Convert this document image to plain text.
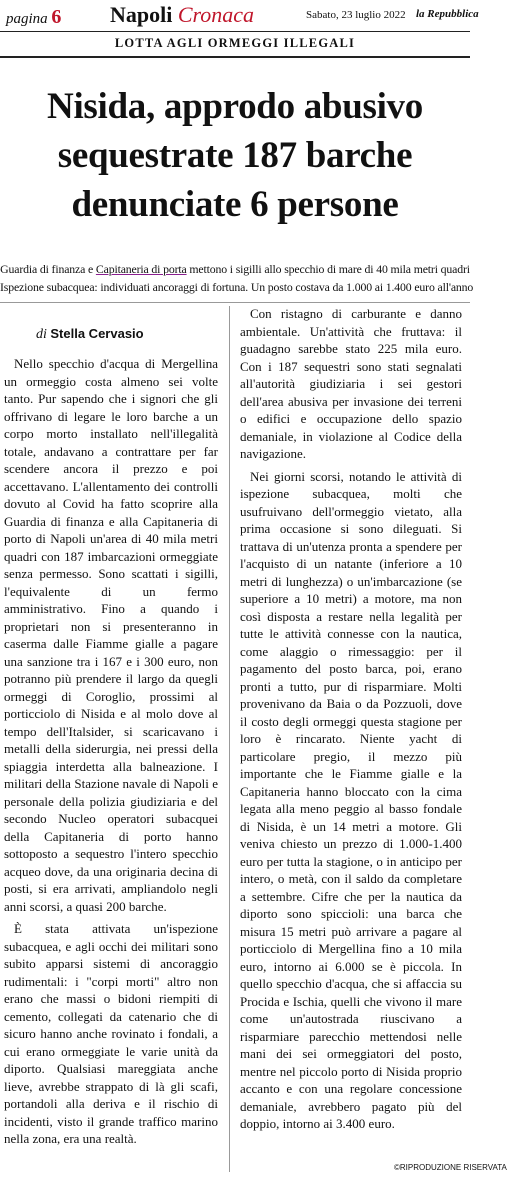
pagina 6 Napoli Cronaca	Sabato, 23 luglio 2022 la Repubblica
LOTTA AGLI ORMEGGI ILLEGALI
Nisida, approdo abusivo
sequestrate 187 barche
denunciate 6 persone
Guardia di finanza e Capitaneria di porta mettono i sigilli allo specchio di mare di 40 mila metri quadri
Ispezione subacquea: individuati ancoraggi di fortuna. Un posto costava da 1.000 ai 1.400 euro all'anno
di Stella Cervasio

Nello specchio d'acqua di Mergellina un ormeggio costa almeno sei volte tanto. Pur sapendo che i signori che gli offrivano di legare le loro barche a un corpo morto installato nell'illegalità totale, andavano a contrattare per far scendere ancora il prezzo e poi accettavano. L'allentamento dei controlli dovuto al Covid ha fatto scoprire alla Guardia di finanza e alla Capitaneria di porto di Napoli un'area di 40 mila metri quadri con 187 imbarcazioni ormeggiate senza permesso. Sono scattati i sigilli, l'equivalente di un fermo amministrativo. Fino a quando i proprietari non si presenteranno in caserma dalle Fiamme gialle a pagare una sanzione tra i 167 e i 300 euro, non potranno più prendere il largo da quegli ormeggi di Coroglio, prossimi al porticciolo di Nisida e al molo dove al tempo dell'Italsider, si scaricavano i metalli della siderurgia, nei pressi della spiaggia interdetta alla balneazione. I militari della Stazione navale di Napoli e personale della polizia giudiziaria e del secondo Nucleo operatori subacquei della Capitaneria di porto hanno sottoposto a sequestro l'intero specchio acqueo dove, da una originaria decina di posti, si era arrivati, ampliandolo negli anni scorsi, a quasi 200 barche.

È stata attivata un'ispezione subacquea, e agli occhi dei militari sono subito apparsi sistemi di ancoraggio rudimentali: i "corpi morti" altro non erano che massi o bidoni riempiti di cemento, collegati da catenario che di sicuro hanno anche rovinato i fondali, a cui erano ormeggiate le varie unità da diporto. Qualsiasi mareggiata anche lieve, avrebbe strappato di là gli scafi, portandoli alla deriva e il rischio di incidenti, visto il grande traffico marino nella zona, era una realtà.

Con ristagno di carburante e danno ambientale. Un'attività che fruttava: il guadagno sarebbe stato 225 mila euro. Con i 187 sequestri sono stati segnalati all'autorità giudiziaria i sei gestori dell'area abusiva per invasione dei terreni o edifici e occupazione dello spazio demaniale, in violazione al Codice della navigazione.

Nei giorni scorsi, notando le attività di ispezione subacquea, molti che usufruivano dell'ormeggio vietato, alla prima occasione si sono dileguati. Si trattava di un'utenza pronta a spendere per l'acquisto di un natante (inferiore a 10 metri di lunghezza) o un'imbarcazione (se superiore a 10 metri) a motore, ma non così disposta a restare nella legalità per tutte le attività connesse con la nautica, come alaggio o rimessaggio: per il pagamento del posto barca, poi, erano pronti a tutto, pur di risparmiare. Molti provenivano da Baia o da Pozzuoli, dove il costo degli ormeggi questa stagione per loro è rincarato. Niente yacht di particolare pregio, il mezzo più importante che le Fiamme gialle e la Capitaneria hanno bloccato con la cima legata alla meno peggio al basso fondale di Nisida, è un 14 metri a motore. Gli veniva chiesto un prezzo di 1.000-1.400 euro per tutta la stagione, o in anticipo per intero, o metà, con il saldo da completare a settembre. Cifre che per la nautica da diporto sono spiccioli: una barca che misura 15 metri può arrivare a pagare al porticciolo di Mergellina fino a 10 mila euro, intorno ai 6.000 se è piccola. In quello specchio d'acqua, che si affaccia su Procida e Ischia, quelli che vivono il mare come un'autostrada riuscivano a risparmiare parecchio mettendosi nelle mani dei sei ormeggiatori del posto, mentre nel piccolo porto di Nisida proprio accanto e con una regolare concessione demaniale, avrebbero pagato più del doppio, intorno ai 3.400 euro.

©RIPRODUZIONE RISERVATA
